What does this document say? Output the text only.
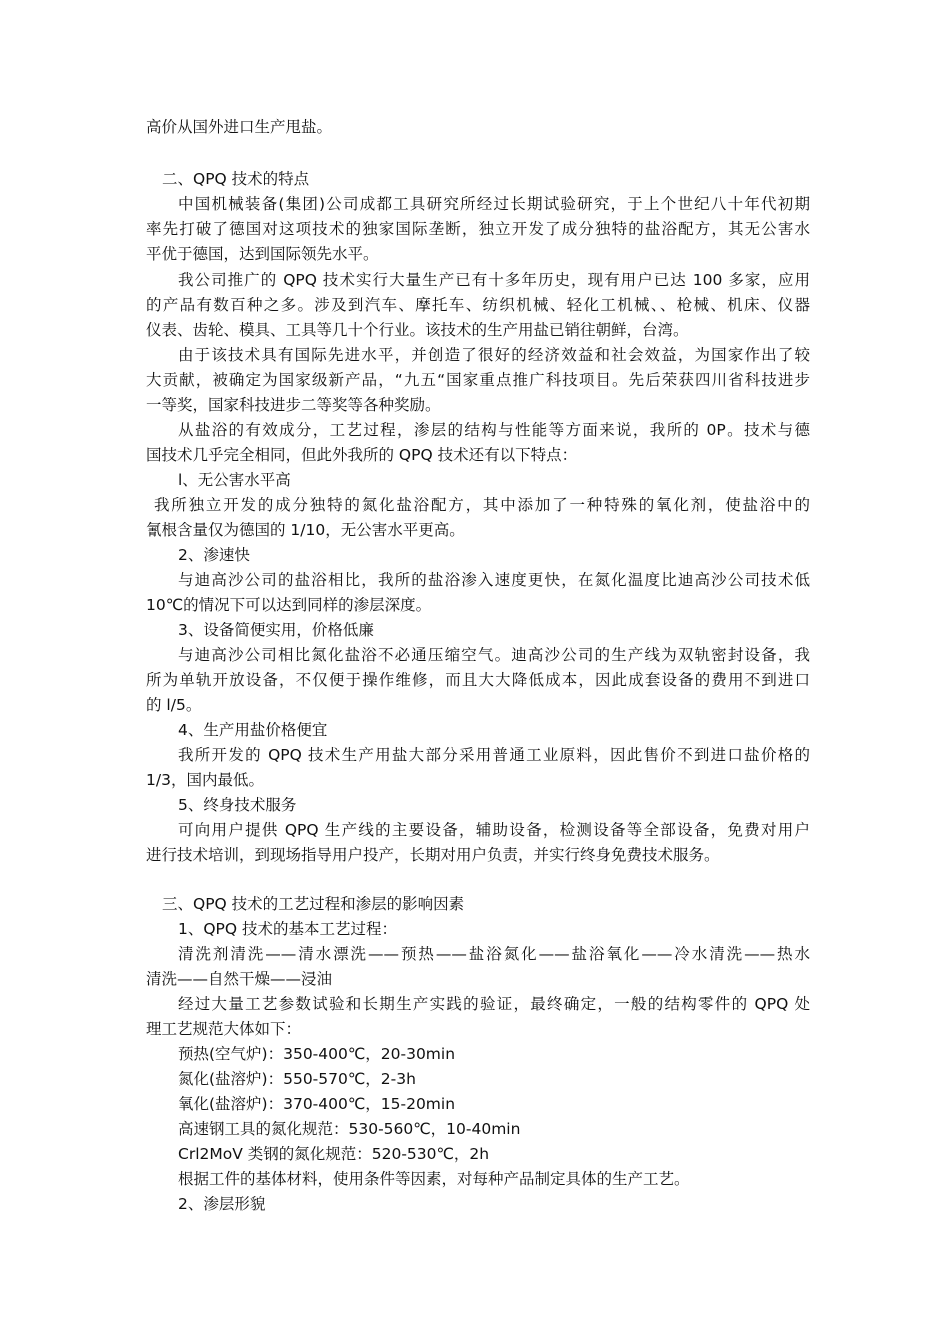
高价从国外进口生产甩盐。
二、QPQ 技术的特点
中国机械装备(集团)公司成都工具研究所经过长期试验研究，于上个世纪八十年代初期
率先打破了德国对这项技术的独家国际垄断，独立开发了成分独特的盐浴配方，其无公害水
平优于德国，达到国际领先水平。
我公司推广的 QPQ 技术实行大量生产已有十多年历史，现有用户已达 100 多家，应用
的产品有数百种之多。涉及到汽车、摩托车、纺织机械、轻化工机械、、枪械、机床、仪器
仪表、齿轮、模具、工具等几十个行业。该技术的生产用盐已销往朝鲜，台湾。
由于该技术具有国际先进水平，并创造了很好的经济效益和社会效益，为国家作出了较
大贡献，被确定为国家级新产品，“九五“国家重点推广科技项目。先后荣获四川省科技进步
一等奖，国家科技进步二等奖等各种奖励。
从盐浴的有效成分，工艺过程，渗层的结构与性能等方面来说，我所的 0P。技术与德
国技术几乎完全相同，但此外我所的 QPQ 技术还有以下特点：
l、无公害水平高
我所独立开发的成分独特的氮化盐浴配方，其中添加了一种特殊的氧化剂，使盐浴中的
氰根含量仅为德国的 1/10，无公害水平更高。
2、渗速快
与迪高沙公司的盐浴相比，我所的盐浴渗入速度更快，在氮化温度比迪高沙公司技术低
10℃的情况下可以达到同样的渗层深度。
3、设备简便实用，价格低廉
与迪高沙公司相比氮化盐浴不必通压缩空气。迪高沙公司的生产线为双轨密封设备，我
所为单轨开放设备，不仅便于操作维修，而且大大降低成本，因此成套设备的费用不到进口
的 l/5。
4、生产用盐价格便宜
我所开发的 QPQ 技术生产用盐大部分采用普通工业原料，因此售价不到进口盐价格的
1/3，国内最低。
5、终身技术服务
可向用户提供 QPQ 生产线的主要设备，辅助设备，检测设备等全部设备，免费对用户
进行技术培训，到现场指导用户投产，长期对用户负责，并实行终身免费技术服务。
三、QPQ 技术的工艺过程和渗层的影响因素
1、QPQ 技术的基本工艺过程：
清洗剂清洗——清水漂洗——预热——盐浴氮化——盐浴氧化——冷水清洗——热水
清洗——自然干燥——浸油
经过大量工艺参数试验和长期生产实践的验证，最终确定，一般的结构零件的 QPQ 处
理工艺规范大体如下：
预热(空气炉)：350-400℃，20-30min
氮化(盐溶炉)：550-570℃，2-3h
氧化(盐溶炉)：370-400℃，15-20min
高速钢工具的氮化规范：530-560℃，10-40min
Crl2MoV 类钢的氮化规范：520-530℃，2h
根据工件的基体材料，使用条件等因素，对每种产品制定具体的生产工艺。
2、渗层形貌
